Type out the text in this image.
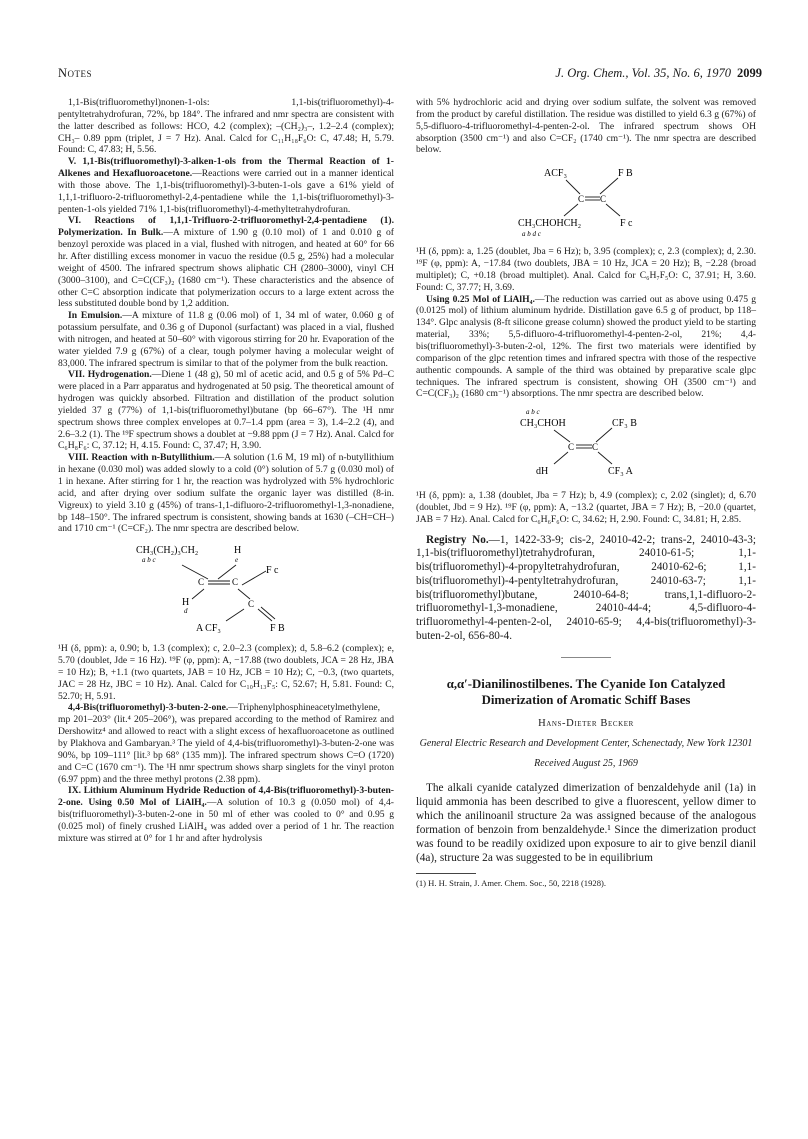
Notes	J. Org. Chem., Vol. 35, No. 6, 1970 2099

1,1-Bis(trifluoromethyl)nonen-1-ols: 1,1-bis(trifluoromethyl)-4-pentyltetrahydrofuran, 72%, bp 184°. The infrared and nmr spectra are consistent with the latter described as follows: HCO, 4.2 (complex); –(CH₂)₃–, 1.2–2.4 (complex); CH₃– 0.89 ppm (triplet, J = 7 Hz). Anal. Calcd for C₁₁H₁₈F₆O: C, 47.48; H, 5.79. Found: C, 47.83; H, 5.56.

V. 1,1-Bis(trifluoromethyl)-3-alken-1-ols from the Thermal Reaction of 1-Alkenes and Hexafluoroacetone.—Reactions were carried out in a manner identical with those above. The 1,1-bis(trifluoromethyl)-3-buten-1-ols gave a 61% yield of 1,1,1-trifluoro-2-trifluoromethyl-2,4-pentadiene while the 1,1-bis(trifluoromethyl)-3-penten-1-ols yielded 71% 1,1-bis(trifluoromethyl)-4-methyltetrahydrofuran.

VI. Reactions of 1,1,1-Trifluoro-2-trifluoromethyl-2,4-pentadiene (1). Polymerization. In Bulk.—A mixture of 1.90 g (0.10 mol) of 1 and 0.010 g of benzoyl peroxide was placed in a vial, flushed with nitrogen, and heated at 60° for 66 hr. After distilling excess monomer in vacuo the residue (0.5 g, 25%) had a molecular weight of 4500. The infrared spectrum shows aliphatic CH (2800–3000), vinyl CH (3000–3100), and C=C(CF₃)₂ (1680 cm⁻¹). These characteristics and the absence of other C=C absorption indicate that polymerization occurs to a large extent across the less substituted double bond by 1,2 addition.

In Emulsion.—A mixture of 11.8 g (0.06 mol) of 1, 34 ml of water, 0.060 g of potassium persulfate, and 0.36 g of Duponol (surfactant) was placed in a vial, flushed with nitrogen, and heated at 50–60° with vigorous stirring for 20 hr. Evaporation of the water yielded 7.9 g (67%) of a clear, tough polymer having a molecular weight of 83,000. The infrared spectrum is similar to that of the polymer from the bulk reaction.

VII. Hydrogenation.—Diene 1 (48 g), 50 ml of acetic acid, and 0.5 g of 5% Pd–C were placed in a Parr apparatus and hydrogenated at 50 psig. The theoretical amount of hydrogen was quickly absorbed. Filtration and distillation of the product solution yielded 37 g (77%) of 1,1-bis(trifluoromethyl)butane (bp 66–67°). The ¹H nmr spectrum shows three complex envelopes at 0.7–1.4 ppm (area = 3), 1.4–2.2 (4), and 2.6–3.2 (1). The ¹⁹F spectrum shows a doublet at −9.88 ppm (J = 7 Hz). Anal. Calcd for C₆H₈F₆: C, 37.12; H, 4.15. Found: C, 37.47; H, 3.90.

VIII. Reaction with n-Butyllithium.—A solution (1.6 M, 19 ml) of n-butyllithium in hexane (0.030 mol) was added slowly to a cold (0°) solution of 5.7 g (0.030 mol) of 1 in hexane. After stirring for 1 hr, the reaction was hydrolyzed with 5% hydrochloric acid, and after drying over sodium sulfate the organic layer was distilled (8-in. Vigreux) to yield 3.10 g (45%) of trans-1,1-difluoro-2-trifluoromethyl-1,3-nonadiene, bp 148–150°. The infrared spectrum is consistent, showing bands at 1630 (–CH=CH–) and 1710 cm⁻¹ (C=CF₂). The nmr spectra are described below.

CH₃(CH₂)₃CH₂
a b c
H
e
C	C
H
d
C
F c
A CF₃	F B

¹H (δ, ppm): a, 0.90; b, 1.3 (complex); c, 2.0–2.3 (complex); d, 5.8–6.2 (complex); e, 5.70 (doublet, Jde = 16 Hz). ¹⁹F (φ, ppm): A, −17.88 (two doublets, JCA = 28 Hz, JBA = 10 Hz); B, +1.1 (two quartets, JAB = 10 Hz, JCB = 10 Hz); C, −0.3, (two quartets, JAC = 28 Hz, JBC = 10 Hz). Anal. Calcd for C₁₀H₁₃F₅: C, 52.67; H, 5.81. Found: C, 52.70; H, 5.91.

4,4-Bis(trifluoromethyl)-3-buten-2-one.—Triphenylphosphineacetylmethylene, mp 201–203° (lit.⁴ 205–206°), was prepared according to the method of Ramirez and Dershowitz⁴ and allowed to react with a slight excess of hexafluoroacetone as outlined by Plakhova and Gambaryan.³ The yield of 4,4-bis(trifluoromethyl)-3-buten-2-one was 90%, bp 109–111° [lit.³ bp 68° (135 mm)]. The infrared spectrum shows C=O (1720) and C=C (1670 cm⁻¹). The ¹H nmr spectrum shows sharp singlets for the vinyl proton (6.97 ppm) and the three methyl protons (2.38 ppm).

IX. Lithium Aluminum Hydride Reduction of 4,4-Bis(trifluoromethyl)-3-buten-2-one. Using 0.50 Mol of LiAlH₄.—A solution of 10.3 g (0.050 mol) of 4,4-bis(trifluoromethyl)-3-buten-2-one in 50 ml of ether was cooled to 0° and 0.95 g (0.025 mol) of finely crushed LiAlH₄ was added over a period of 1 hr. The reaction mixture was stirred at 0° for 1 hr and after hydrolysis

with 5% hydrochloric acid and drying over sodium sulfate, the solvent was removed from the product by careful distillation. The residue was distilled to yield 6.3 g (67%) of 5,5-difluoro-4-trifluoromethyl-4-penten-2-ol. The infrared spectrum shows OH absorption (3500 cm⁻¹) and also C=CF₂ (1740 cm⁻¹). The nmr spectra are described below.

ACF₃	F B
C C
CH₃CHOHCH₂
a b d c
F c

¹H (δ, ppm): a, 1.25 (doublet, Jba = 6 Hz); b, 3.95 (complex); c, 2.3 (complex); d, 2.30. ¹⁹F (φ, ppm): A, −17.84 (two doublets, JBA = 10 Hz, JCA = 20 Hz); B, −2.28 (broad multiplet); C, +0.18 (broad multiplet). Anal. Calcd for C₆H₇F₅O: C, 37.91; H, 3.60. Found: C, 37.77; H, 3.69.

Using 0.25 Mol of LiAlH₄.—The reduction was carried out as above using 0.475 g (0.0125 mol) of lithium aluminum hydride. Distillation gave 6.5 g of product, bp 118–134°. Glpc analysis (8-ft silicone grease column) showed the product yield to be starting material, 33%; 5,5-difluoro-4-trifluoromethyl-4-penten-2-ol, 21%; 4,4-bis(trifluoromethyl)-3-buten-2-ol, 12%. The first two materials were identified by comparison of the glpc retention times and infrared spectra with those of the respective authentic compounds. A sample of the third was obtained by preparative scale glpc techniques. The infrared spectrum is consistent, showing OH (3500 cm⁻¹) and C=C(CF₃)₂ (1680 cm⁻¹) absorptions. The nmr spectra are described below.

a b c
CH₃CHOH	CF₃ B
C C
dH	CF₃ A

¹H (δ, ppm): a, 1.38 (doublet, Jba = 7 Hz); b, 4.9 (complex); c, 2.02 (singlet); d, 6.70 (doublet, Jbd = 9 Hz). ¹⁹F (φ, ppm): A, −13.2 (quartet, JBA = 7 Hz); B, −20.0 (quartet, JAB = 7 Hz). Anal. Calcd for C₆H₆F₆O: C, 34.62; H, 2.90. Found: C, 34.81; H, 2.85.

Registry No.—1, 1422-33-9; cis-2, 24010-42-2; trans-2, 24010-43-3; 1,1-bis(trifluoromethyl)tetrahydrofuran, 24010-61-5; 1,1-bis(trifluoromethyl)-4-propyltetrahydrofuran, 24010-62-6; 1,1-bis(trifluoromethyl)-4-pentyltetrahydrofuran, 24010-63-7; 1,1-bis(trifluoromethyl)butane, 24010-64-8; trans,1,1-difluoro-2-trifluoromethyl-1,3-monadiene, 24010-44-4; 4,5-difluoro-4-trifluoromethyl-4-penten-2-ol, 24010-65-9; 4,4-bis(trifluoromethyl)-3-buten-2-ol, 656-80-4.

α,α′-Dianilinostilbenes. The Cyanide Ion Catalyzed Dimerization of Aromatic Schiff Bases
Hans-Dieter Becker
General Electric Research and Development Center, Schenectady, New York 12301
Received August 25, 1969

The alkali cyanide catalyzed dimerization of benzaldehyde anil (1a) in liquid ammonia has been described to give a fluorescent, yellow dimer to which the anilinoanil structure 2a was assigned because of the analogous formation of benzoin from benzaldehyde.¹ Since the dimerization product was found to be readily oxidized upon exposure to air to give benzil dianil (4a), structure 2a was suggested to be in equilibrium

(1) H. H. Strain, J. Amer. Chem. Soc., 50, 2218 (1928).
